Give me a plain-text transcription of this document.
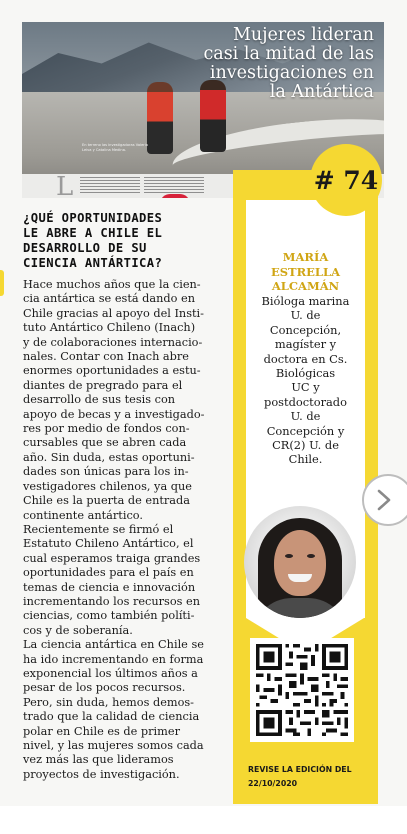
En terreno las investigadoras Valeria Leiva y Catalina Medina.
L
Mujeres lideran casi la mitad de las investigaciones en la Antártica
# 74
MARÍA
ESTRELLA
ALCAMÁN
Bióloga marina
U. de
Concepción,
magíster y
doctora en Cs.
Biológicas
UC y
postdoctorado
U. de
Concepción y
CR(2) U. de
Chile.
REVISE LA EDICIÓN DEL
22/10/2020
¿QUÉ OPORTUNIDADES
LE ABRE A CHILE EL
DESARROLLO DE SU
CIENCIA ANTÁRTICA?
Hace muchos años que la cien-
cia antártica se está dando en
Chile gracias al apoyo del Insti-
tuto Antártico Chileno (Inach)
y de colaboraciones internacio-
nales. Contar con Inach abre
enormes oportunidades a estu-
diantes de pregrado para el
desarrollo de sus tesis con
apoyo de becas y a investigado-
res por medio de fondos con-
cursables que se abren cada
año. Sin duda, estas oportuni-
dades son únicas para los in-
vestigadores chilenos, ya que
Chile es la puerta de entrada
continente antártico.
Recientemente se firmó el
Estatuto Chileno Antártico, el
cual esperamos traiga grandes
oportunidades para el país en
temas de ciencia e innovación
incrementando los recursos en
ciencias, como también políti-
cos y de soberanía.
La ciencia antártica en Chile se
ha ido incrementando en forma
exponencial los últimos años a
pesar de los pocos recursos.
Pero, sin duda, hemos demos-
trado que la calidad de ciencia
polar en Chile es de primer
nivel, y las mujeres somos cada
vez más las que lideramos
proyectos de investigación.
